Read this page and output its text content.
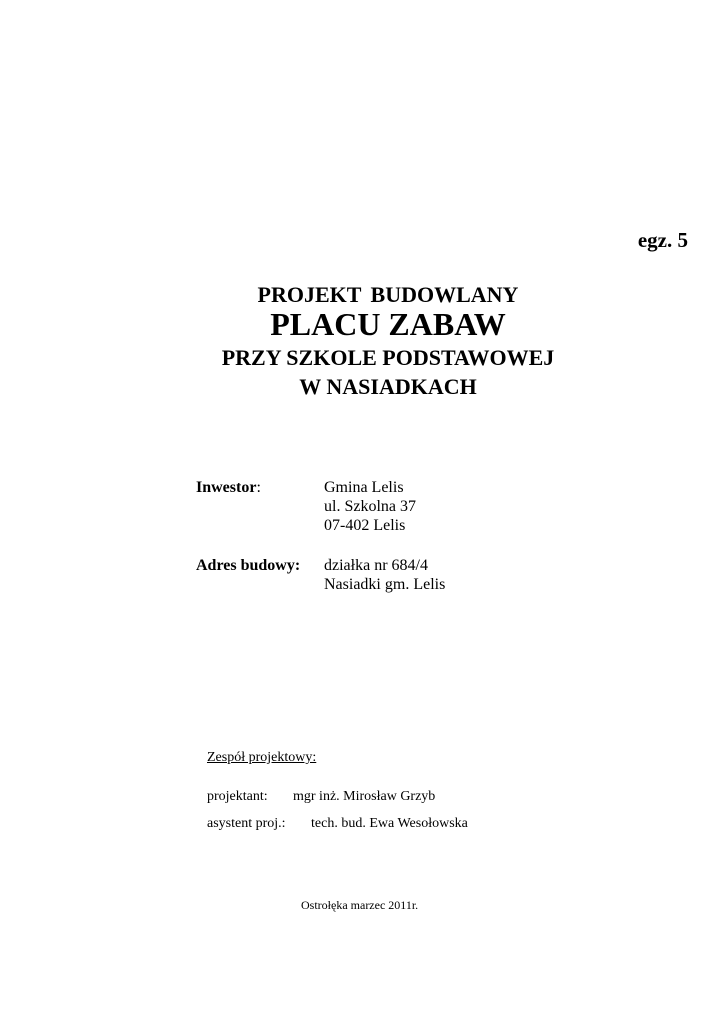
egz. 5
PROJEKT BUDOWLANY
PLACU ZABAW
PRZY SZKOLE PODSTAWOWEJ
W NASIADKACH
Inwestor:	Gmina Lelis
ul. Szkolna 37
07-402 Lelis
Adres budowy: działka nr 684/4
Nasiadki gm. Lelis
Zespół projektowy:
projektant: mgr inż. Mirosław Grzyb
asystent proj.: tech. bud. Ewa Wesołowska
Ostrołęka marzec 2011r.
